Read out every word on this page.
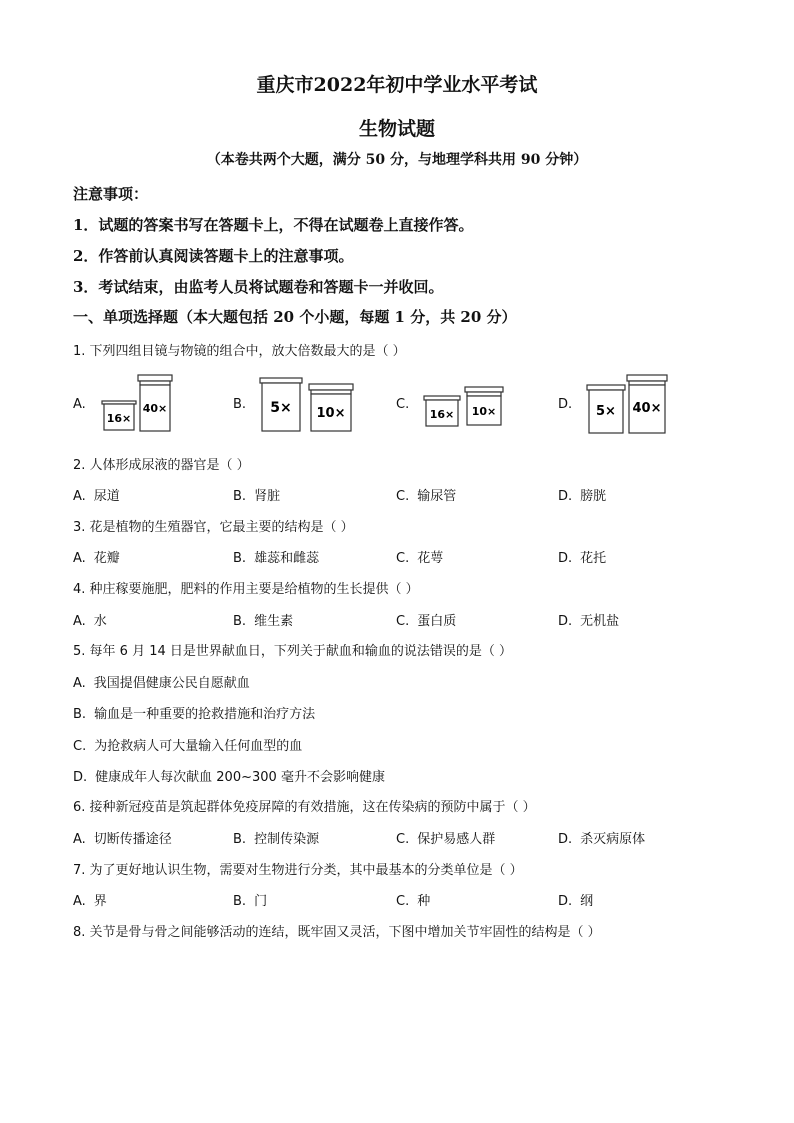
重庆市2022年初中学业水平考试
生物试题
（本卷共两个大题，满分 50 分，与地理学科共用 90 分钟）
注意事项：
1．试题的答案书写在答题卡上，不得在试题卷上直接作答。
2．作答前认真阅读答题卡上的注意事项。
3．考试结束，由监考人员将试题卷和答题卡一并收回。
一、单项选择题（本大题包括 20 个小题，每题 1 分，共 20 分）
1. 下列四组目镜与物镜的组合中，放大倍数最大的是（ ）
A.
16×
40×	B. 5× 10×
C.
16× 10×	D. 5× 40×
2. 人体形成尿液的器官是（ ）
A. 尿道	B. 肾脏	C. 输尿管	D. 膀胱
3. 花是植物的生殖器官，它最主要的结构是（ ）
A. 花瓣	B. 雄蕊和雌蕊	C. 花萼	D. 花托
4. 种庄稼要施肥，肥料的作用主要是给植物的生长提供（ ）
A. 水	B. 维生素	C. 蛋白质	D. 无机盐
5. 每年 6 月 14 日是世界献血日，下列关于献血和输血的说法错误的是（ ）
A. 我国提倡健康公民自愿献血
B. 输血是一种重要的抢救措施和治疗方法
C. 为抢救病人可大量输入任何血型的血
D. 健康成年人每次献血 200~300 毫升不会影响健康
6. 接种新冠疫苗是筑起群体免疫屏障的有效措施，这在传染病的预防中属于（ ）
A. 切断传播途径	B. 控制传染源	C. 保护易感人群	D. 杀灭病原体
7. 为了更好地认识生物，需要对生物进行分类，其中最基本的分类单位是（ ）
A. 界	B. 门	C. 种	D. 纲
8. 关节是骨与骨之间能够活动的连结，既牢固又灵活，下图中增加关节牢固性的结构是（ ）
